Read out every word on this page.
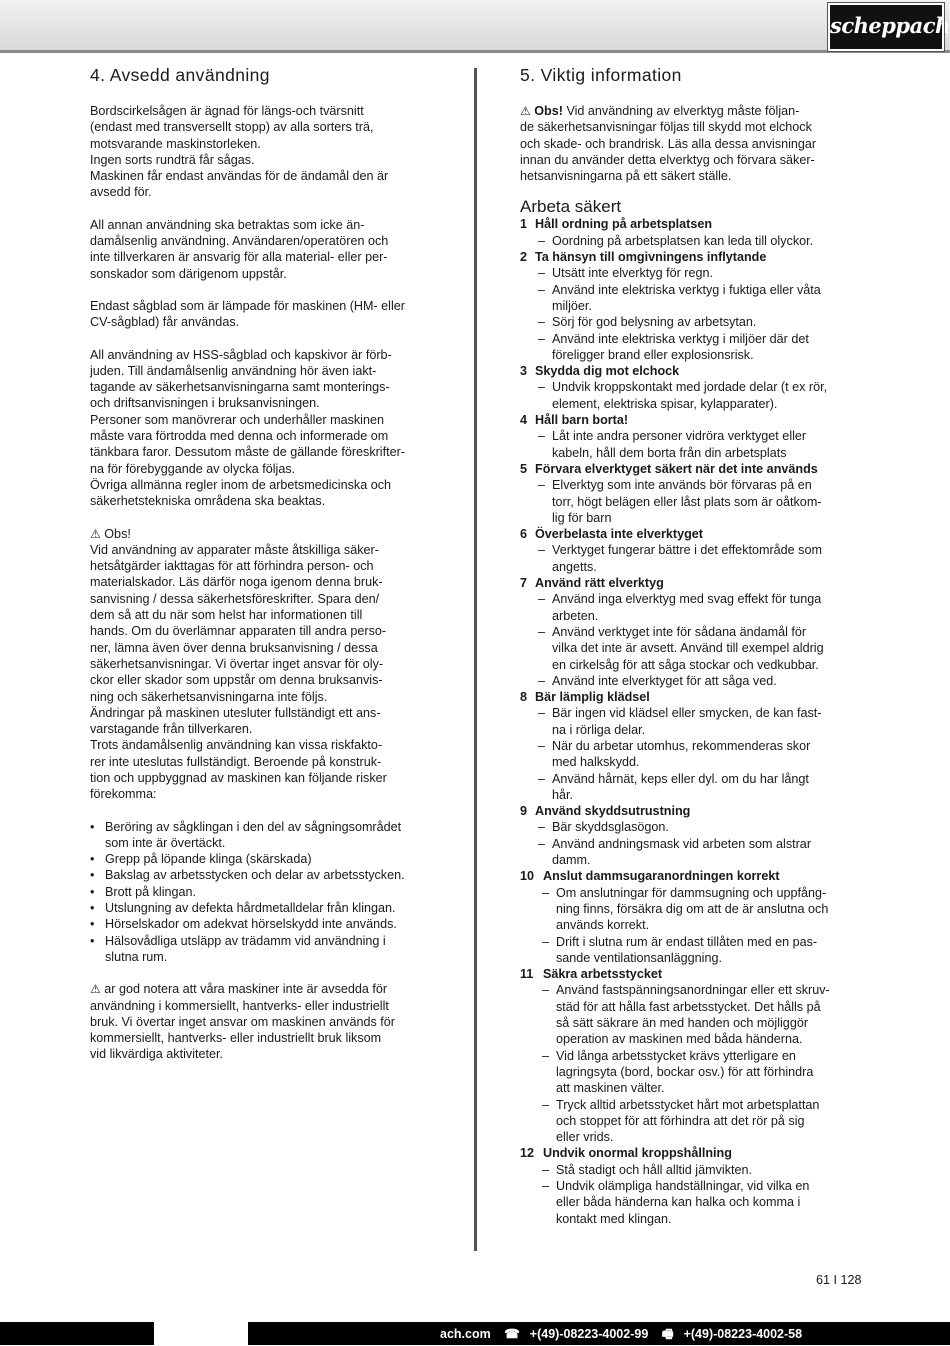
scheppach
4. Avsedd användning

Bordscirkelsågen är ägnad för längs-och tvärsnitt
(endast med transversellt stopp) av alla sorters trä,
motsvarande maskinstorleken.
Ingen sorts rundträ får sågas.
Maskinen får endast användas för de ändamål den är
avsedd för.

All annan användning ska betraktas som icke än-
damålsenlig användning. Användaren/operatören och
inte tillverkaren är ansvarig för alla material- eller per-
sonskador som därigenom uppstår.

Endast sågblad som är lämpade för maskinen (HM- eller
CV-sågblad) får användas.

All användning av HSS-sågblad och kapskivor är förb-
juden. Till ändamålsenlig användning hör även iakt-
tagande av säkerhetsanvisningarna samt monterings-
och driftsanvisningen i bruksanvisningen.
Personer som manövrerar och underhåller maskinen
måste vara förtrodda med denna och informerade om
tänkbara faror. Dessutom måste de gällande föreskrifter-
na för förebyggande av olycka följas.
Övriga allmänna regler inom de arbetsmedicinska och
säkerhetstekniska områdena ska beaktas.

⚠ Obs!

Vid användning av apparater måste åtskilliga säker-
hetsåtgärder iakttagas för att förhindra person- och
materialskador. Läs därför noga igenom denna bruk-
sanvisning / dessa säkerhetsföreskrifter. Spara den/
dem så att du när som helst har informationen till
hands. Om du överlämnar apparaten till andra perso-
ner, lämna även över denna bruksanvisning / dessa
säkerhetsanvisningar. Vi övertar inget ansvar för oly-
ckor eller skador som uppstår om denna bruksanvis-
ning och säkerhetsanvisningarna inte följs.
Ändringar på maskinen utesluter fullständigt ett ans-
varstagande från tillverkaren.
Trots ändamålsenlig användning kan vissa riskfakto-
rer inte uteslutas fullständigt. Beroende på konstruk-
tion och uppbyggnad av maskinen kan följande risker
förekomma:

• Beröring av sågklingan i den del av sågningsområdet
som inte är övertäckt.
• Grepp på löpande klinga (skärskada)
• Bakslag av arbetsstycken och delar av arbetsstycken.
• Brott på klingan.
• Utslungning av defekta hårdmetalldelar från klingan.
• Hörselskador om adekvat hörselskydd inte används.
• Hälsovådliga utsläpp av trädamm vid användning i
slutna rum.

⚠ ar god notera att våra maskiner inte är avsedda för
användning i kommersiellt, hantverks- eller industriellt
bruk. Vi övertar inget ansvar om maskinen används för
kommersiellt, hantverks- eller industriellt bruk liksom
vid likvärdiga aktiviteter.

5. Viktig information

⚠ Obs! Vid användning av elverktyg måste följan-
de säkerhetsanvisningar följas till skydd mot elchock
och skade- och brandrisk. Läs alla dessa anvisningar
innan du använder detta elverktyg och förvara säker-
hetsanvisningarna på ett säkert ställe.

Arbeta säkert
1 Håll ordning på arbetsplatsen
– Oordning på arbetsplatsen kan leda till olyckor.
2 Ta hänsyn till omgivningens inflytande
– Utsätt inte elverktyg för regn.
– Använd inte elektriska verktyg i fuktiga eller våta
miljöer.
– Sörj för god belysning av arbetsytan.
– Använd inte elektriska verktyg i miljöer där det
föreligger brand eller explosionsrisk.
3 Skydda dig mot elchock
– Undvik kroppskontakt med jordade delar (t ex rör,
element, elektriska spisar, kylapparater).
4 Håll barn borta!
– Låt inte andra personer vidröra verktyget eller
kabeln, håll dem borta från din arbetsplats
5 Förvara elverktyget säkert när det inte används
– Elverktyg som inte används bör förvaras på en
torr, högt belägen eller låst plats som är oåtkom-
lig för barn
6 Överbelasta inte elverktyget
– Verktyget fungerar bättre i det effektområde som
angetts.
7 Använd rätt elverktyg
– Använd inga elverktyg med svag effekt för tunga
arbeten.
– Använd verktyget inte för sådana ändamål för
vilka det inte är avsett. Använd till exempel aldrig
en cirkelsåg för att såga stockar och vedkubbar.
– Använd inte elverktyget för att såga ved.
8 Bär lämplig klädsel
– Bär ingen vid klädsel eller smycken, de kan fast-
na i rörliga delar.
– När du arbetar utomhus, rekommenderas skor
med halkskydd.
– Använd hårnät, keps eller dyl. om du har långt
hår.
9 Använd skyddsutrustning
– Bär skyddsglasögon.
– Använd andningsmask vid arbeten som alstrar
damm.
10 Anslut dammsugaranordningen korrekt
– Om anslutningar för dammsugning och uppfång-
ning finns, försäkra dig om att de är anslutna och
används korrekt.
– Drift i slutna rum är endast tillåten med en pas-
sande ventilationsanläggning.
11 Säkra arbetsstycket
– Använd fastspänningsanordningar eller ett skruv-
städ för att hålla fast arbetsstycket. Det hålls på
så sätt säkrare än med handen och möjliggör
operation av maskinen med båda händerna.
– Vid långa arbetsstycket krävs ytterligare en
lagringsyta (bord, bockar osv.) för att förhindra
att maskinen välter.
– Tryck alltid arbetsstycket hårt mot arbetsplattan
och stoppet för att förhindra att det rör på sig
eller vrids.
12 Undvik onormal kroppshållning
– Stå stadigt och håll alltid jämvikten.
– Undvik olämpliga handställningar, vid vilka en
eller båda händerna kan halka och komma i
kontakt med klingan.
61 I 128
ach.com ☎ +(49)-08223-4002-99 🖷 +(49)-08223-4002-58
